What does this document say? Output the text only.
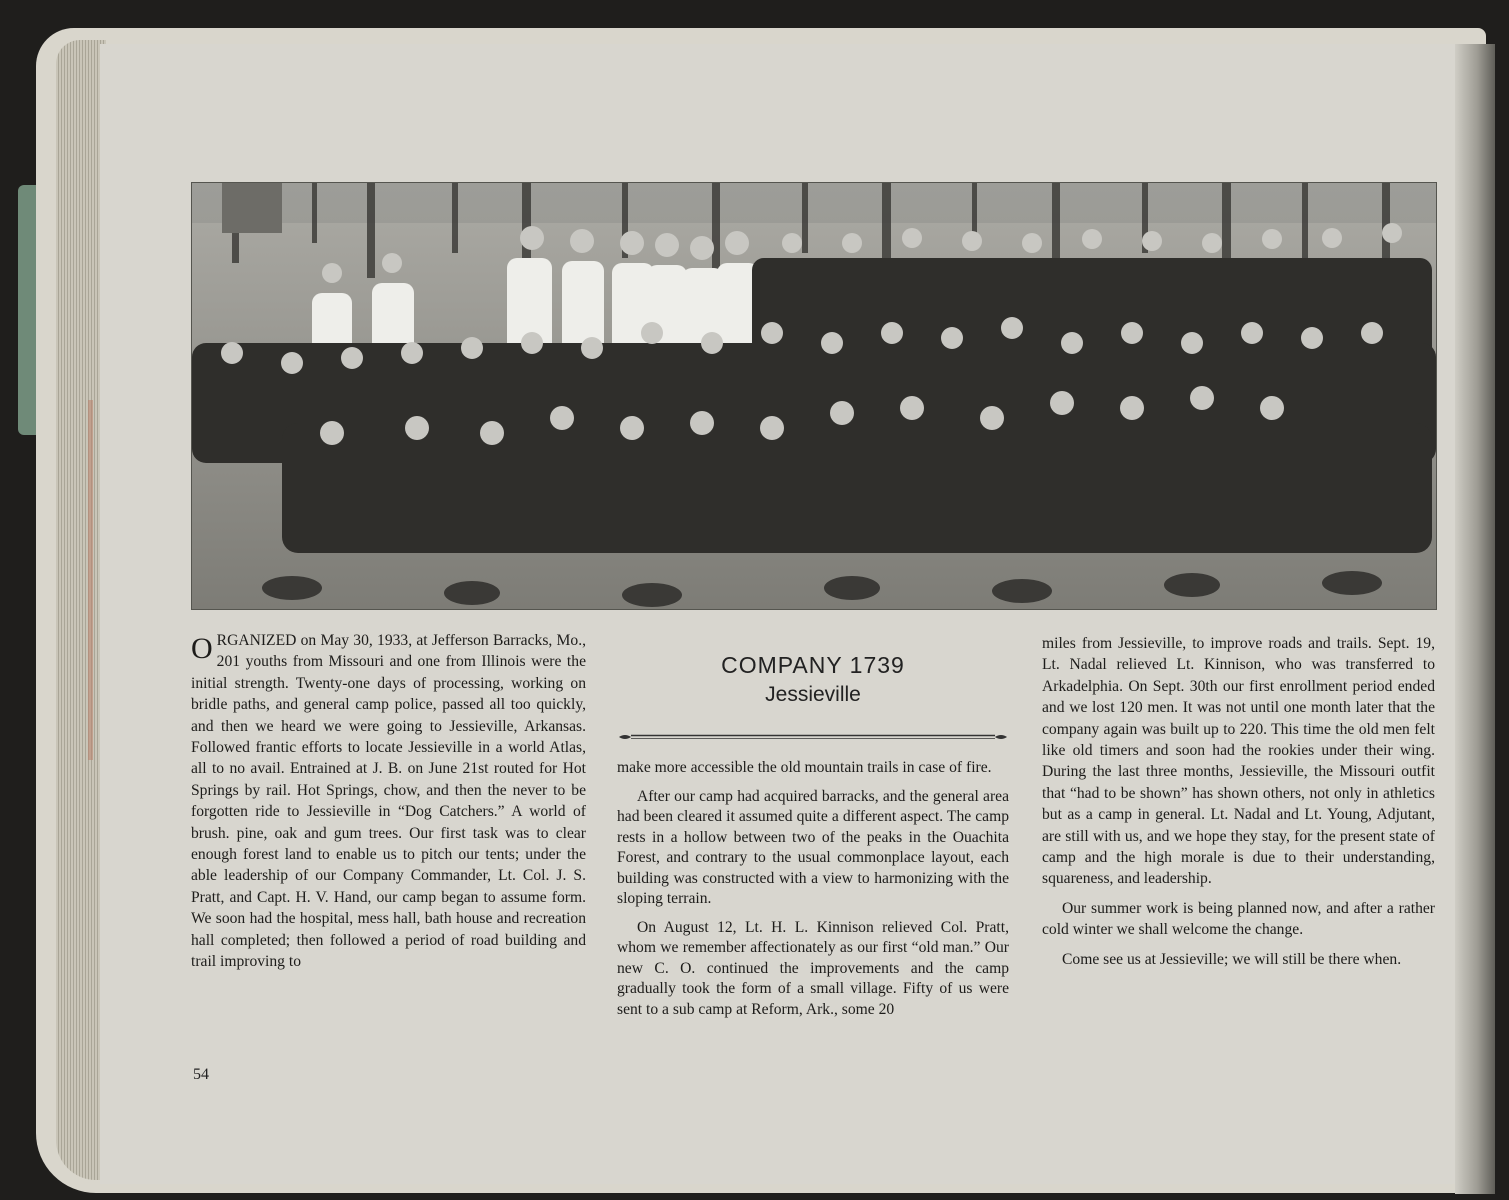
ORGANIZED on May 30, 1933, at Jefferson Barracks, Mo., 201 youths from Missouri and one from Illinois were the initial strength. Twenty-one days of processing, working on bridle paths, and general camp police, passed all too quickly, and then we heard we were going to Jessieville, Arkansas. Followed frantic efforts to locate Jessieville in a world Atlas, all to no avail. Entrained at J. B. on June 21st routed for Hot Springs by rail. Hot Springs, chow, and then the never to be forgotten ride to Jessieville in “Dog Catchers.” A world of brush. pine, oak and gum trees. Our first task was to clear enough forest land to enable us to pitch our tents; under the able leadership of our Company Commander, Lt. Col. J. S. Pratt, and Capt. H. V. Hand, our camp began to assume form. We soon had the hospital, mess hall, bath house and recreation hall completed; then followed a period of road building and trail improving to

COMPANY 1739
Jessieville

make more accessible the old mountain trails in case of fire.

After our camp had acquired barracks, and the general area had been cleared it assumed quite a different aspect. The camp rests in a hollow between two of the peaks in the Ouachita Forest, and contrary to the usual commonplace layout, each building was constructed with a view to harmonizing with the sloping terrain.

On August 12, Lt. H. L. Kinnison relieved Col. Pratt, whom we remember affectionately as our first “old man.” Our new C. O. continued the improvements and the camp gradually took the form of a small village. Fifty of us were sent to a sub camp at Reform, Ark., some 20

miles from Jessieville, to improve roads and trails. Sept. 19, Lt. Nadal relieved Lt. Kinnison, who was transferred to Arkadelphia. On Sept. 30th our first enrollment period ended and we lost 120 men. It was not until one month later that the company again was built up to 220. This time the old men felt like old timers and soon had the rookies under their wing. During the last three months, Jessieville, the Missouri outfit that “had to be shown” has shown others, not only in athletics but as a camp in general. Lt. Nadal and Lt. Young, Adjutant, are still with us, and we hope they stay, for the present state of camp and the high morale is due to their understanding, squareness, and leadership.

Our summer work is being planned now, and after a rather cold winter we shall welcome the change.

Come see us at Jessieville; we will still be there when.

54
